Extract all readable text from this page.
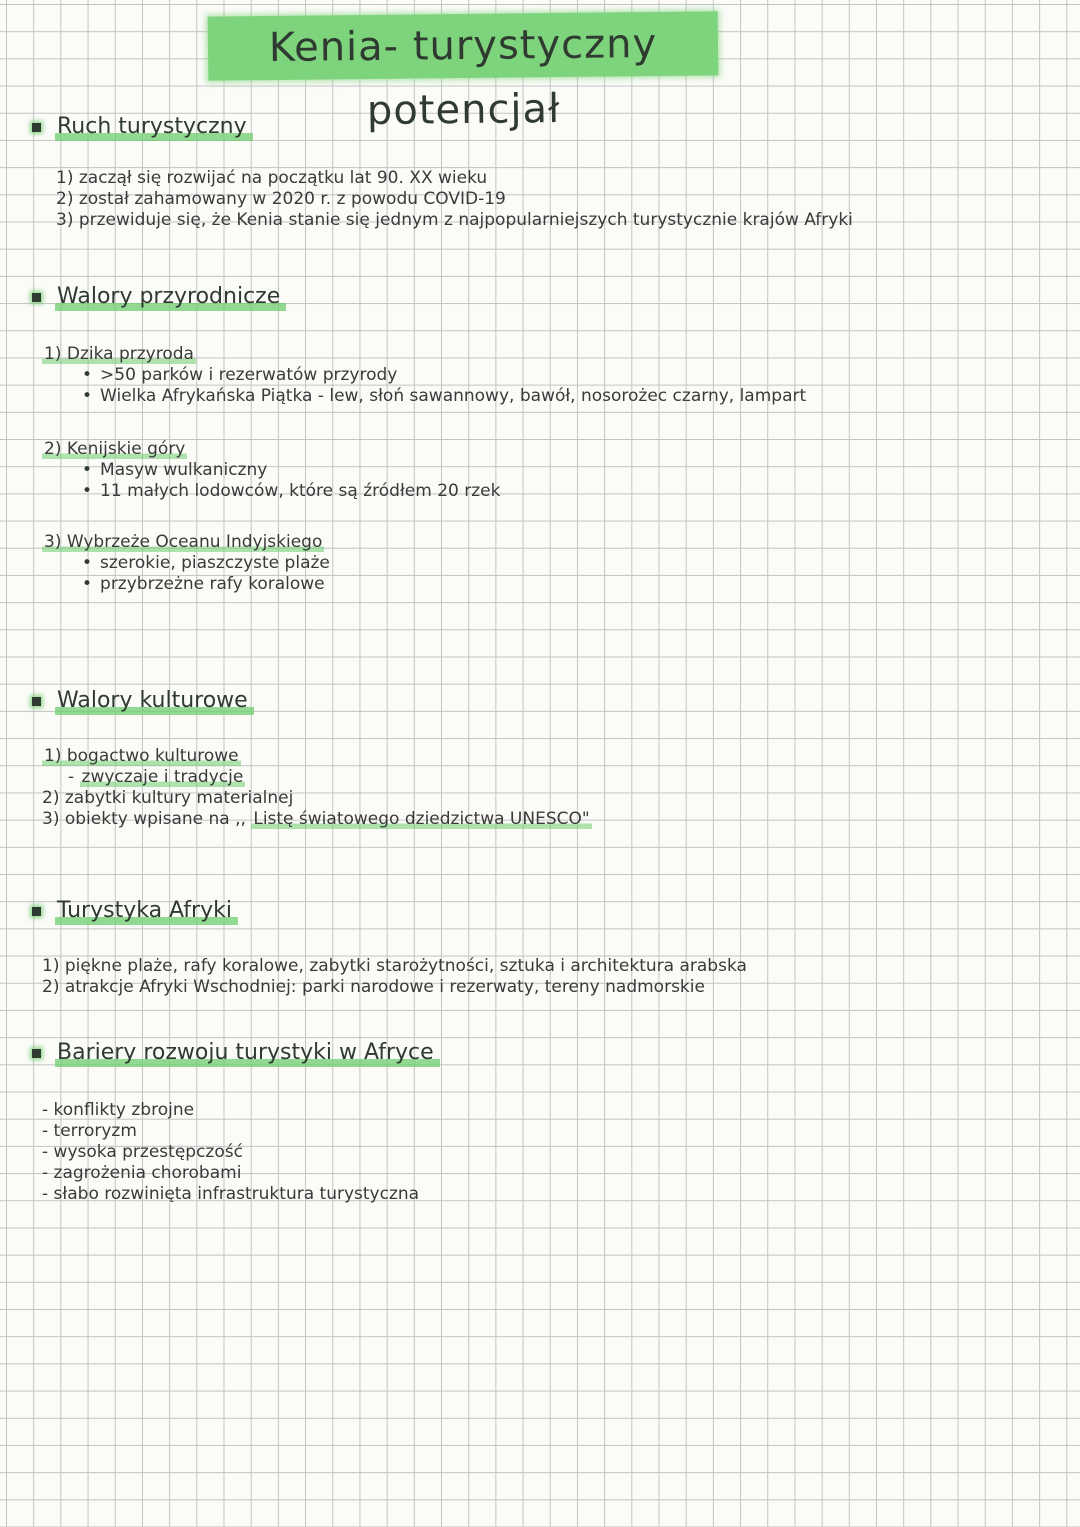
Kenia- turystyczny potencjał
Ruch turystyczny
1) zaczął się rozwijać na początku lat 90. XX wieku
2) został zahamowany w 2020 r. z powodu COVID-19
3) przewiduje się, że Kenia stanie się jednym z najpopularniejszych turystycznie krajów Afryki
Walory przyrodnicze
1) Dzika przyroda
• >50 parków i rezerwatów przyrody
• Wielka Afrykańska Piątka - lew, słoń sawannowy, bawół, nosorożec czarny, lampart
2) Kenijskie góry
• Masyw wulkaniczny
• 11 małych lodowców, które są źródłem 20 rzek
3) Wybrzeże Oceanu Indyjskiego
• szerokie, piaszczyste plaże
• przybrzeżne rafy koralowe
Walory kulturowe
1) bogactwo kulturowe
- zwyczaje i tradycje
2) zabytki kultury materialnej
3) obiekty wpisane na ,, Listę światowego dziedzictwa UNESCO"
Turystyka Afryki
1) piękne plaże, rafy koralowe, zabytki starożytności, sztuka i architektura arabska
2) atrakcje Afryki Wschodniej: parki narodowe i rezerwaty, tereny nadmorskie
Bariery rozwoju turystyki w Afryce
- konflikty zbrojne
- terroryzm
- wysoka przestępczość
- zagrożenia chorobami
- słabo rozwinięta infrastruktura turystyczna
